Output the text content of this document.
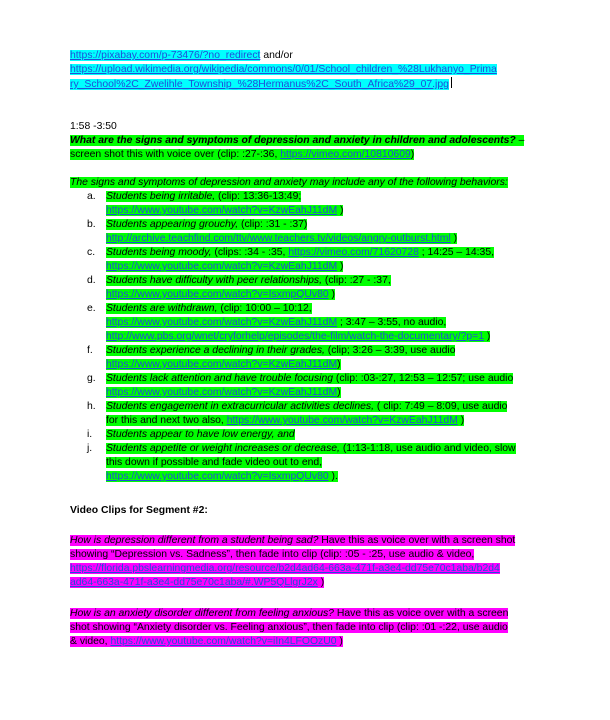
https://pixabay.com/p-73476/?no_redirect and/or
https://upload.wikimedia.org/wikipedia/commons/0/01/School_children_%28Lukhanyo_Prima
ry_School%2C_Zwelihle_Township_%28Hermanus%2C_South_Africa%29_07.jpg
1:58 -3:50
What are the signs and symptoms of depression and anxiety in children and adolescents? –
screen shot this with voice over (clip: :27-:36, https://vimeo.com/10810609)
The signs and symptoms of depression and anxiety may include any of the following behaviors:
a. Students being irritable, (clip: 13:36-13:49;
https://www.youtube.com/watch?v=KzwEahJ11dM )
b. Students appearing grouchy, (clip: :31 - :37)
http://archive.teachfind.com/ttv/www.teachers.tv/videos/angry-outburst.html )
c. Students being moody, (clips: :34 - :35, https://vimeo.com/71620728 ; 14:25 – 14:35,
https://www.youtube.com/watch?v=KzwEahJ11dM )
d. Students have difficulty with peer relationships, (clip: :27 - :37,
https://www.youtube.com/watch?v=IsxmpQUv80 )
e. Students are withdrawn, (clip: 10:00 – 10:12,
https://www.youtube.com/watch?v=KzwEahJ11dM ; 3:47 – 3:55, no audio,
http://www.pbs.org/wnet/cryforhelp/episodes/the-film/watch-the-documentary/?p=1 )
f. Students experience a declining in their grades, (clip; 3:26 – 3:39, use audio
https://www.youtube.com/watch?v=KzwEahJ11dM)
g. Students lack attention and have trouble focusing (clip: :03-:27, 12:53 – 12:57; use audio
https://www.youtube.com/watch?v=KzwEahJ11dM)
h. Students engagement in extracurricular activities declines, ( clip: 7:49 – 8:09, use audio
for this and next two also, https://www.youtube.com/watch?v=KzwEahJ11dM )
i. Students appear to have low energy, and
j. Students appetite or weight increases or decrease, (1:13-1:18, use audio and video, slow
this down if possible and fade video out to end,
https://www.youtube.com/watch?v=IsxmpQUv80 ).
Video Clips for Segment #2:
How is depression different from a student being sad? Have this as voice over with a screen shot
showing “Depression vs. Sadness”, then fade into clip (clip: :05 - :25, use audio & video,
https://florida.pbslearningmedia.org/resource/b2d4ad64-663a-471f-a3e4-dd75e70c1aba/b2d4
ad64-663a-471f-a3e4-dd75e70c1aba/#.WP5QLlgrJ2x )
How is an anxiety disorder different from feeling anxious? Have this as voice over with a screen
shot showing “Anxiety disorder vs. Feeling anxious”, then fade into clip (clip: :01 -:22, use audio
& video, https://www.youtube.com/watch?v=iIn4LFOOzU0 )
